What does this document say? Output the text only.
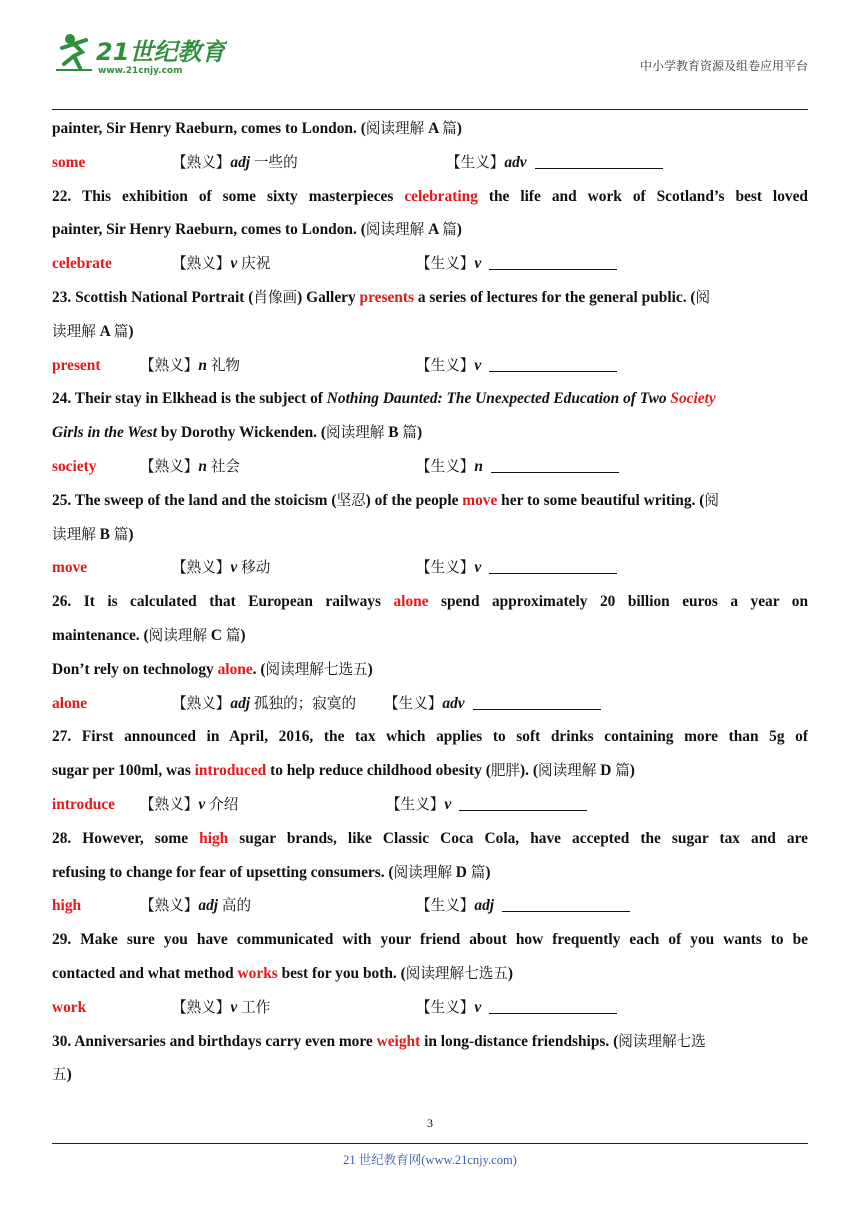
21世纪教育
www.21cnjy.com	中小学教育资源及组卷应用平台
painter, Sir Henry Raeburn, comes to London. (阅读理解 A 篇)
some	【熟义】adj 一些的	【生义】adv
22. This exhibition of some sixty masterpieces celebrating the life and work of Scotland’s best loved
painter, Sir Henry Raeburn, comes to London. (阅读理解 A 篇)
celebrate	【熟义】v 庆祝	【生义】v
23. Scottish National Portrait (肖像画) Gallery presents a series of lectures for the general public. (阅
读理解 A 篇)
present	【熟义】n 礼物	【生义】v
24. Their stay in Elkhead is the subject of Nothing Daunted: The Unexpected Education of Two Society
Girls in the West by Dorothy Wickenden. (阅读理解 B 篇)
society	【熟义】n 社会	【生义】n
25. The sweep of the land and the stoicism (坚忍) of the people move her to some beautiful writing. (阅
读理解 B 篇)
move	【熟义】v 移动	【生义】v
26. It is calculated that European railways alone spend approximately 20 billion euros a year on
maintenance. (阅读理解 C 篇)
Don’t rely on technology alone. (阅读理解七选五)
alone	【熟义】adj 孤独的；寂寞的 【生义】adv
27. First announced in April, 2016, the tax which applies to soft drinks containing more than 5g of
sugar per 100ml, was introduced to help reduce childhood obesity (肥胖). (阅读理解 D 篇)
introduce 【熟义】v 介绍	【生义】v
28. However, some high sugar brands, like Classic Coca Cola, have accepted the sugar tax and are
refusing to change for fear of upsetting consumers. (阅读理解 D 篇)
high	【熟义】adj 高的	【生义】adj
29. Make sure you have communicated with your friend about how frequently each of you wants to be
contacted and what method works best for you both. (阅读理解七选五)
work	【熟义】v 工作	【生义】v
30. Anniversaries and birthdays carry even more weight in long-distance friendships. (阅读理解七选
五)
3
21 世纪教育网(www.21cnjy.com)
